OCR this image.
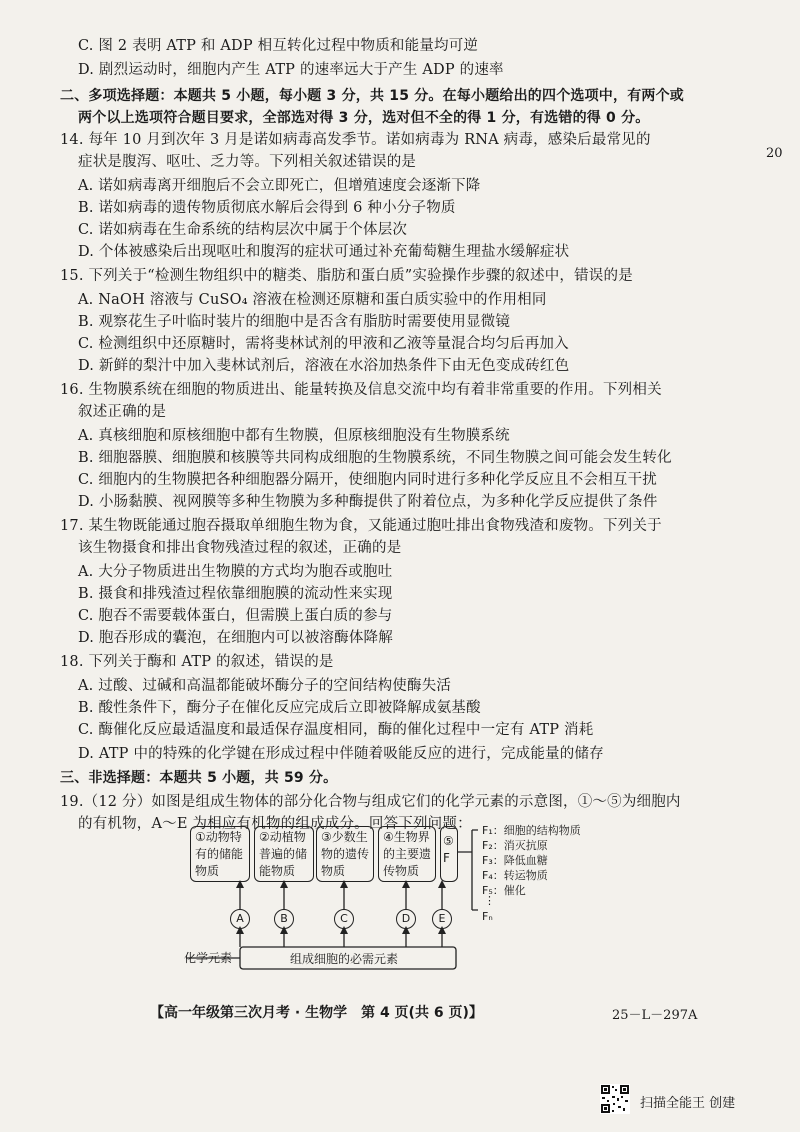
C. 图 2 表明 ATP 和 ADP 相互转化过程中物质和能量均可逆
D. 剧烈运动时，细胞内产生 ATP 的速率远大于产生 ADP 的速率
二、多项选择题：本题共 5 小题，每小题 3 分，共 15 分。在每小题给出的四个选项中，有两个或
两个以上选项符合题目要求，全部选对得 3 分，选对但不全的得 1 分，有选错的得 0 分。
14. 每年 10 月到次年 3 月是诺如病毒高发季节。诺如病毒为 RNA 病毒，感染后最常见的
症状是腹泻、呕吐、乏力等。下列相关叙述错误的是
A. 诺如病毒离开细胞后不会立即死亡，但增殖速度会逐渐下降
B. 诺如病毒的遗传物质彻底水解后会得到 6 种小分子物质
C. 诺如病毒在生命系统的结构层次中属于个体层次
D. 个体被感染后出现呕吐和腹泻的症状可通过补充葡萄糖生理盐水缓解症状
15. 下列关于“检测生物组织中的糖类、脂肪和蛋白质”实验操作步骤的叙述中，错误的是
A. NaOH 溶液与 CuSO₄ 溶液在检测还原糖和蛋白质实验中的作用相同
B. 观察花生子叶临时装片的细胞中是否含有脂肪时需要使用显微镜
C. 检测组织中还原糖时，需将斐林试剂的甲液和乙液等量混合均匀后再加入
D. 新鲜的梨汁中加入斐林试剂后，溶液在水浴加热条件下由无色变成砖红色
16. 生物膜系统在细胞的物质进出、能量转换及信息交流中均有着非常重要的作用。下列相关
叙述正确的是
A. 真核细胞和原核细胞中都有生物膜，但原核细胞没有生物膜系统
B. 细胞器膜、细胞膜和核膜等共同构成细胞的生物膜系统，不同生物膜之间可能会发生转化
C. 细胞内的生物膜把各种细胞器分隔开，使细胞内同时进行多种化学反应且不会相互干扰
D. 小肠黏膜、视网膜等多种生物膜为多种酶提供了附着位点，为多种化学反应提供了条件
17. 某生物既能通过胞吞摄取单细胞生物为食，又能通过胞吐排出食物残渣和废物。下列关于
该生物摄食和排出食物残渣过程的叙述，正确的是
A. 大分子物质进出生物膜的方式均为胞吞或胞吐
B. 摄食和排残渣过程依靠细胞膜的流动性来实现
C. 胞吞不需要载体蛋白，但需膜上蛋白质的参与
D. 胞吞形成的囊泡，在细胞内可以被溶酶体降解
18. 下列关于酶和 ATP 的叙述，错误的是
A. 过酸、过碱和高温都能破坏酶分子的空间结构使酶失活
B. 酸性条件下，酶分子在催化反应完成后立即被降解成氨基酸
C. 酶催化反应最适温度和最适保存温度相同，酶的催化过程中一定有 ATP 消耗
D. ATP 中的特殊的化学键在形成过程中伴随着吸能反应的进行，完成能量的储存
三、非选择题：本题共 5 小题，共 59 分。
19.（12 分）如图是组成生物体的部分化合物与组成它们的化学元素的示意图，①～⑤为细胞内
的有机物，A～E 为相应有机物的组成成分。回答下列问题：
20
①动物特有的储能物质
②动植物普遍的储能物质
③少数生物的遗传物质
④生物界的主要遗传物质
⑤F
A	B	C	D	E
F₁：细胞的结构物质
F₂：消灭抗原
F₃：降低血糖
F₄：转运物质
F₅：催化
⋮
Fₙ
化学元素	组成细胞的必需元素
【高一年级第三次月考 · 生物学　第 4 页(共 6 页)】	25－L－297A
扫描全能王 创建
